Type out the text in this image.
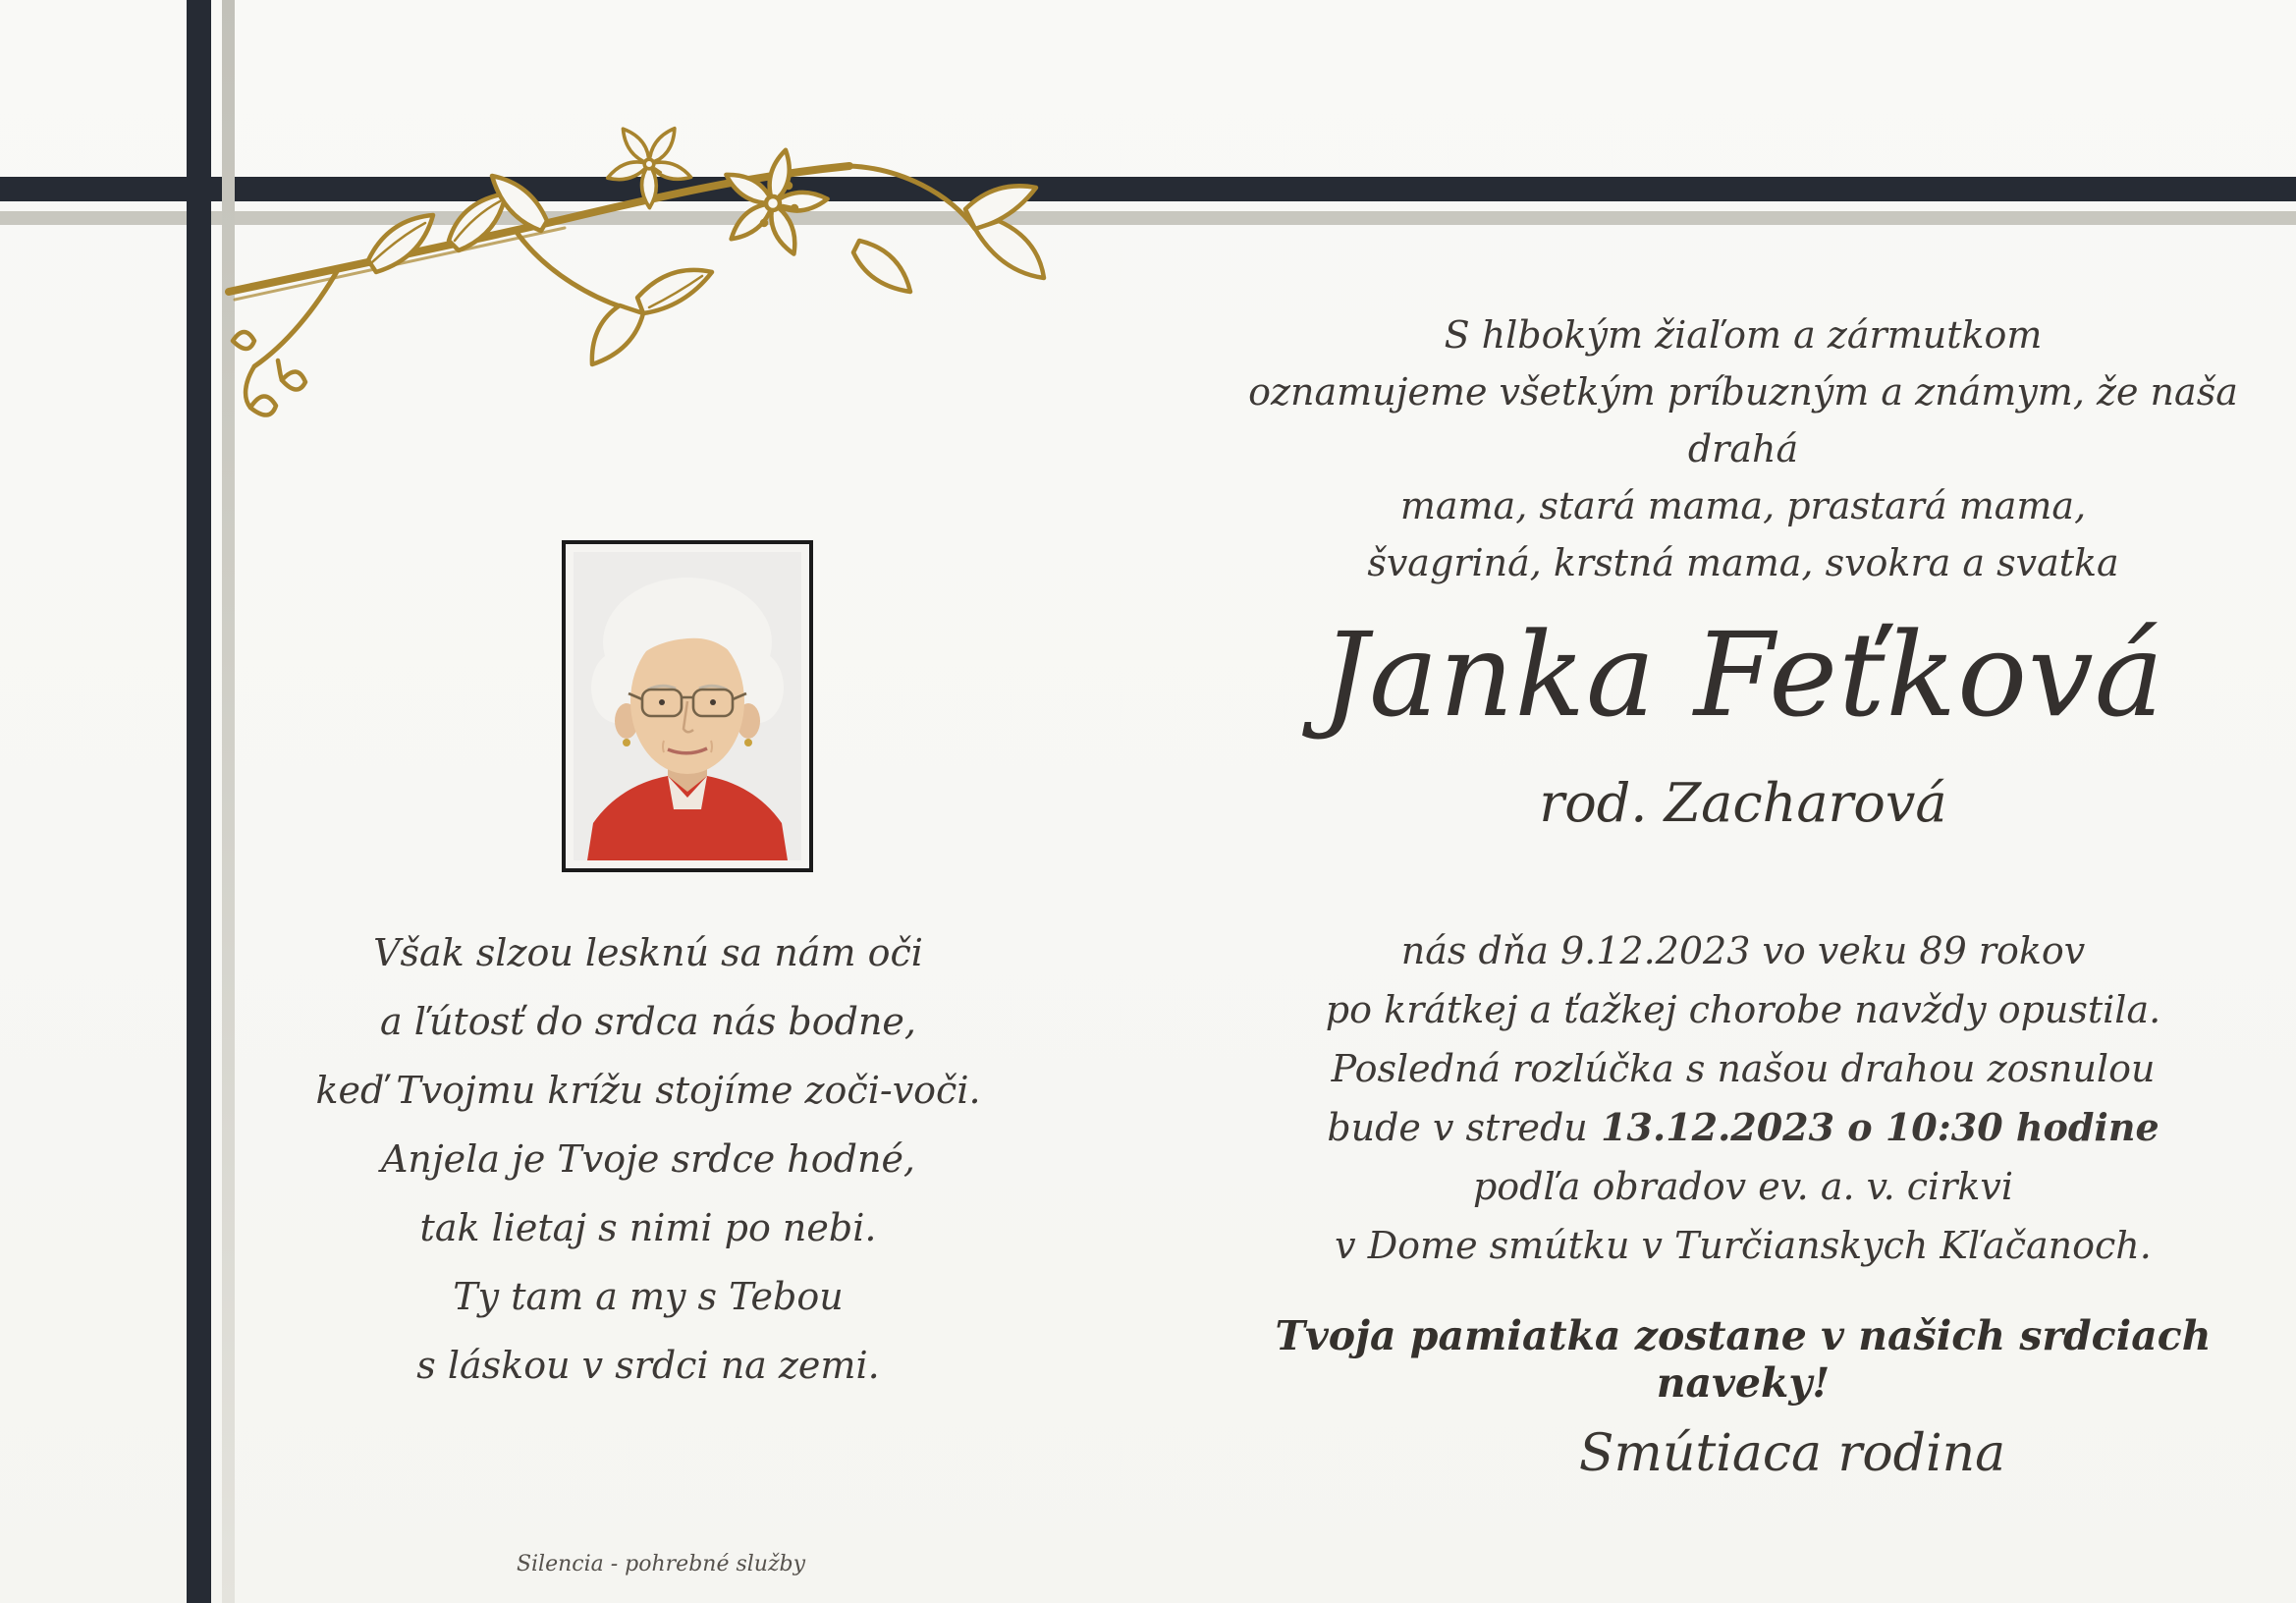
S hlbokým žiaľom a zármutkom
oznamujeme všetkým príbuzným a známym, že naša drahá
mama, stará mama, prastará mama,
švagriná, krstná mama, svokra a svatka
Janka Feťková
rod. Zacharová
nás dňa 9.12.2023 vo veku 89 rokov
po krátkej a ťažkej chorobe navždy opustila.
Posledná rozlúčka s našou drahou zosnulou
bude v stredu 13.12.2023 o 10:30 hodine
podľa obradov ev. a. v. cirkvi
v Dome smútku v Turčianskych Kľačanoch.
Tvoja pamiatka zostane v našich srdciach naveky!
Smútiaca rodina
Však slzou lesknú sa nám oči
a ľútosť do srdca nás bodne,
keď Tvojmu krížu stojíme zoči-voči.
Anjela je Tvoje srdce hodné,
tak lietaj s nimi po nebi.
Ty tam a my s Tebou
s láskou v srdci na zemi.
Silencia - pohrebné služby
